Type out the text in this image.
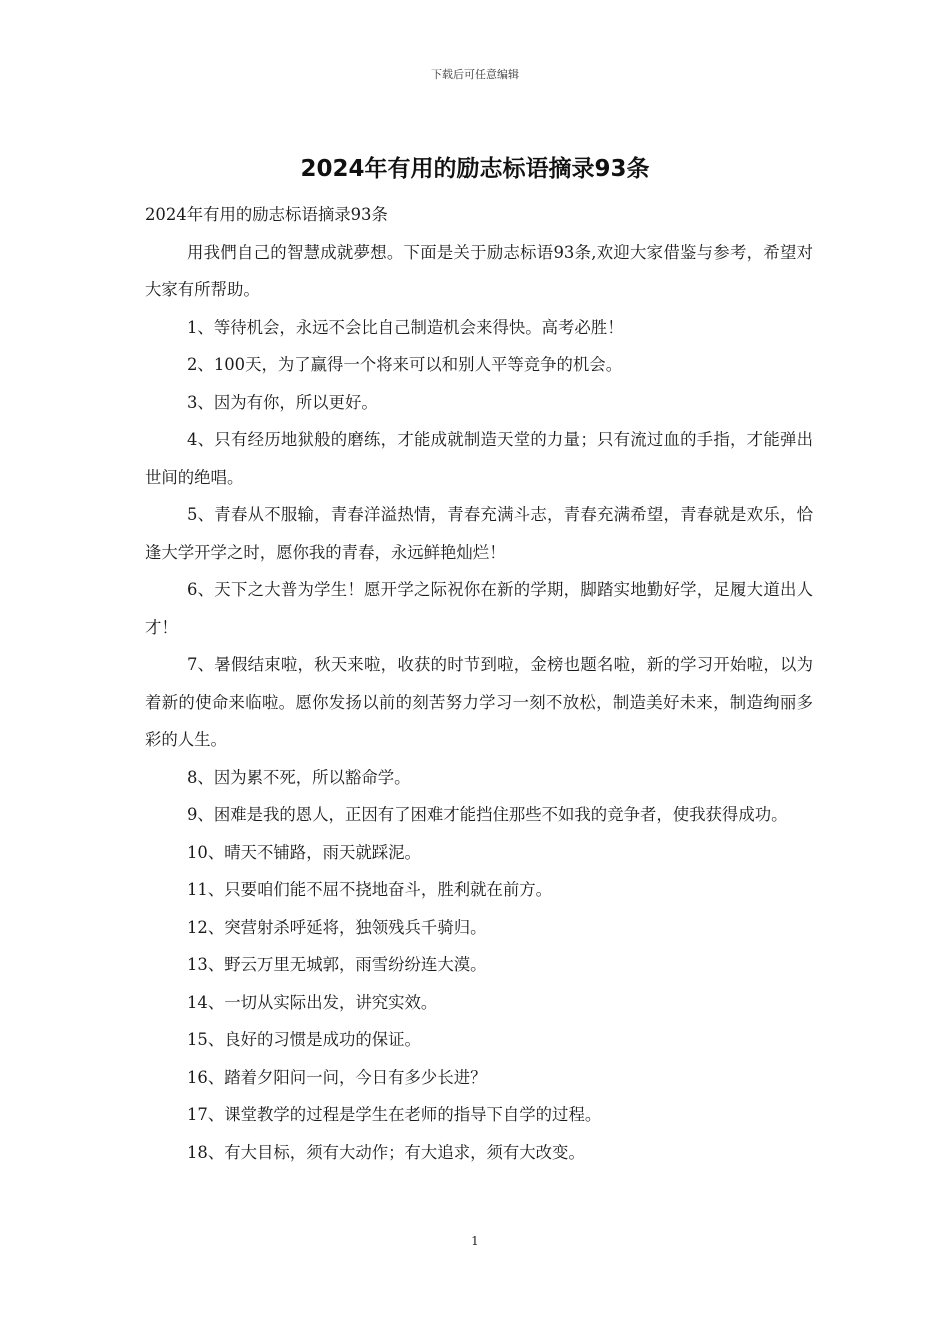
下载后可任意编辑
2024年有用的励志标语摘录93条

2024年有用的励志标语摘录93条

用我們自己的智慧成就夢想。下面是关于励志标语93条,欢迎大家借鉴与参考，希望对大家有所帮助。

1、等待机会，永远不会比自己制造机会来得快。高考必胜！

2、100天，为了赢得一个将来可以和别人平等竞争的机会。

3、因为有你，所以更好。

4、只有经历地狱般的磨练，才能成就制造天堂的力量；只有流过血的手指，才能弹出世间的绝唱。

5、青春从不服输，青春洋溢热情，青春充满斗志，青春充满希望，青春就是欢乐，恰逢大学开学之时，愿你我的青春，永远鲜艳灿烂！

6、天下之大普为学生！愿开学之际祝你在新的学期，脚踏实地勤好学，足履大道出人才！

7、暑假结束啦，秋天来啦，收获的时节到啦，金榜也题名啦，新的学习开始啦，以为着新的使命来临啦。愿你发扬以前的刻苦努力学习一刻不放松，制造美好未来，制造绚丽多彩的人生。

8、因为累不死，所以豁命学。

9、困难是我的恩人，正因有了困难才能挡住那些不如我的竞争者，使我获得成功。

10、晴天不铺路，雨天就踩泥。

11、只要咱们能不屈不挠地奋斗，胜利就在前方。

12、突营射杀呼延将，独领残兵千骑归。

13、野云万里无城郭，雨雪纷纷连大漠。

14、一切从实际出发，讲究实效。

15、良好的习惯是成功的保证。

16、踏着夕阳问一问，今日有多少长进？

17、课堂教学的过程是学生在老师的指导下自学的过程。

18、有大目标，须有大动作；有大追求，须有大改变。

1
